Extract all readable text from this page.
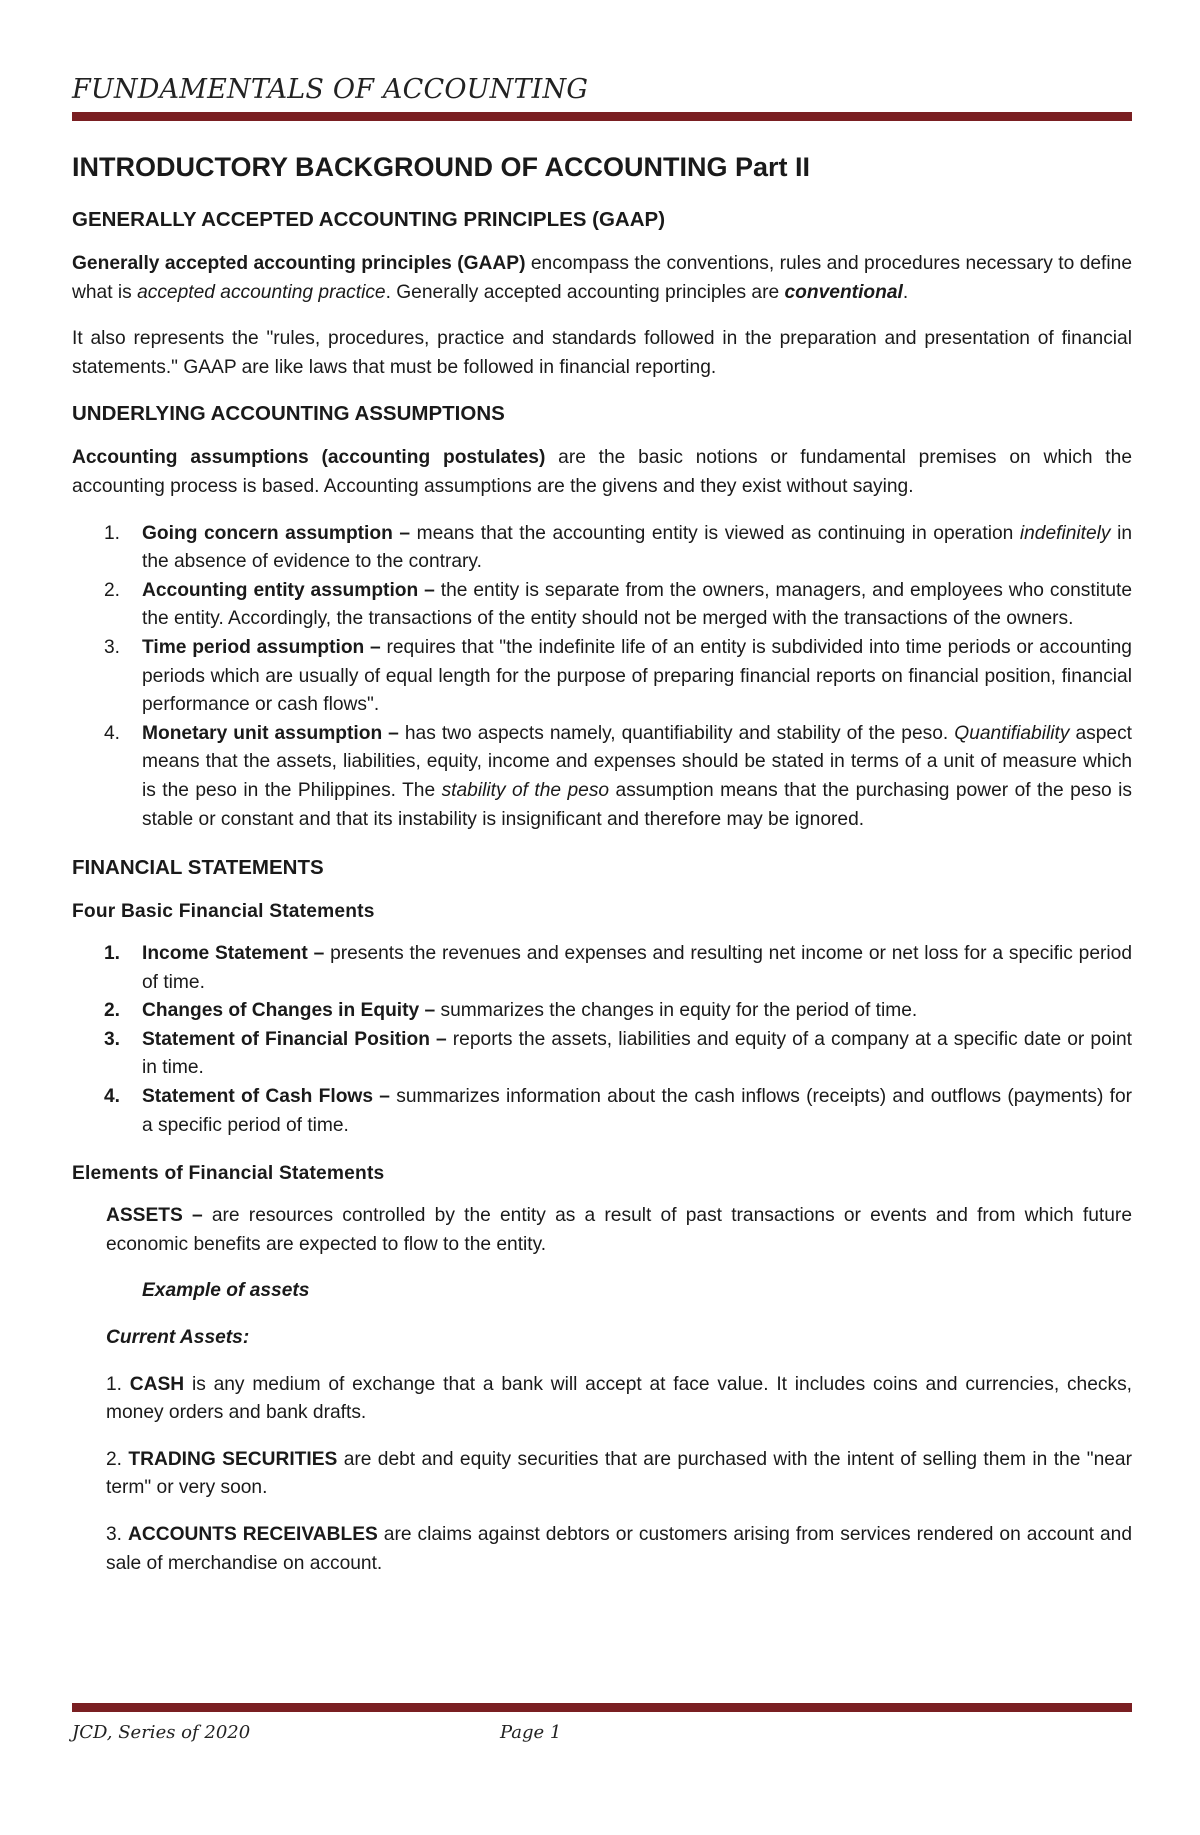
FUNDAMENTALS OF ACCOUNTING
INTRODUCTORY BACKGROUND OF ACCOUNTING Part II
GENERALLY ACCEPTED ACCOUNTING PRINCIPLES (GAAP)

Generally accepted accounting principles (GAAP) encompass the conventions, rules and procedures necessary to define what is accepted accounting practice. Generally accepted accounting principles are conventional.

It also represents the "rules, procedures, practice and standards followed in the preparation and presentation of financial statements." GAAP are like laws that must be followed in financial reporting.

UNDERLYING ACCOUNTING ASSUMPTIONS

Accounting assumptions (accounting postulates) are the basic notions or fundamental premises on which the accounting process is based. Accounting assumptions are the givens and they exist without saying.

1. Going concern assumption – means that the accounting entity is viewed as continuing in operation indefinitely in the absence of evidence to the contrary.
2. Accounting entity assumption – the entity is separate from the owners, managers, and employees who constitute the entity. Accordingly, the transactions of the entity should not be merged with the transactions of the owners.
3. Time period assumption – requires that "the indefinite life of an entity is subdivided into time periods or accounting periods which are usually of equal length for the purpose of preparing financial reports on financial position, financial performance or cash flows".
4. Monetary unit assumption – has two aspects namely, quantifiability and stability of the peso. Quantifiability aspect means that the assets, liabilities, equity, income and expenses should be stated in terms of a unit of measure which is the peso in the Philippines. The stability of the peso assumption means that the purchasing power of the peso is stable or constant and that its instability is insignificant and therefore may be ignored.
FINANCIAL STATEMENTS
Four Basic Financial Statements
1. Income Statement – presents the revenues and expenses and resulting net income or net loss for a specific period of time.
2. Changes of Changes in Equity – summarizes the changes in equity for the period of time.
3. Statement of Financial Position – reports the assets, liabilities and equity of a company at a specific date or point in time.
4. Statement of Cash Flows – summarizes information about the cash inflows (receipts) and outflows (payments) for a specific period of time.
Elements of Financial Statements

ASSETS – are resources controlled by the entity as a result of past transactions or events and from which future economic benefits are expected to flow to the entity.

Example of assets

Current Assets:

1. CASH is any medium of exchange that a bank will accept at face value. It includes coins and currencies, checks, money orders and bank drafts.

2. TRADING SECURITIES are debt and equity securities that are purchased with the intent of selling them in the "near term" or very soon.

3. ACCOUNTS RECEIVABLES are claims against debtors or customers arising from services rendered on account and sale of merchandise on account.

JCD, Series of 2020	Page 1
